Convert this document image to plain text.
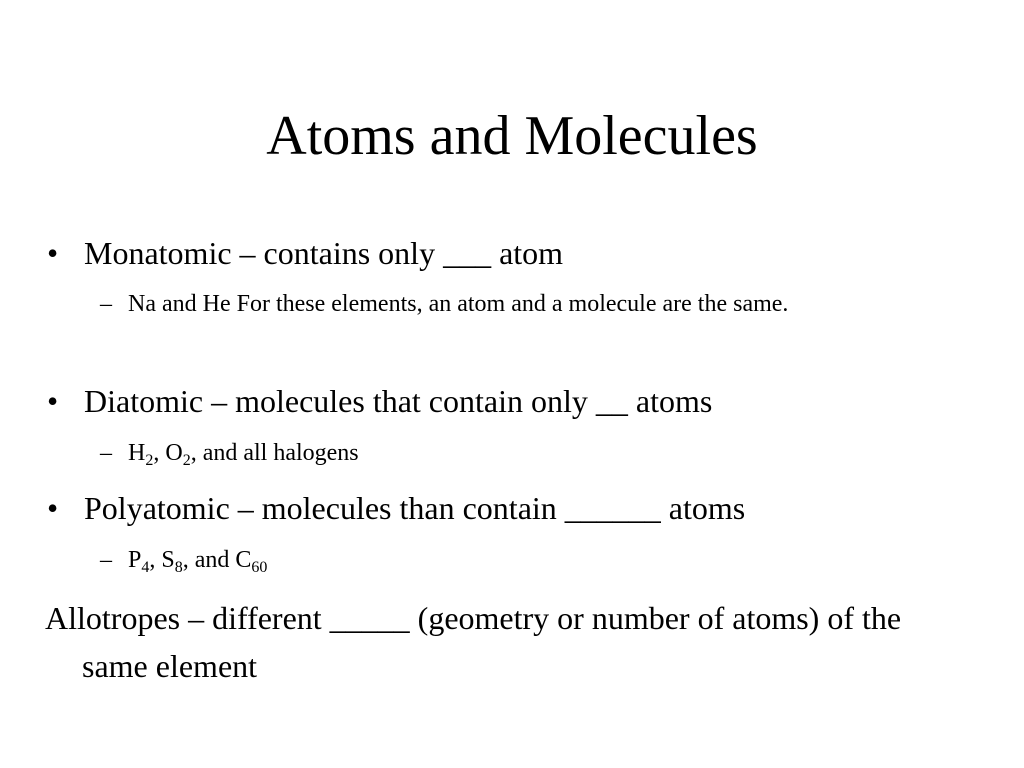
Atoms and Molecules
• Monatomic – contains only ___ atom
– Na and He For these elements, an atom and a molecule are the same.
• Diatomic – molecules that contain only __ atoms
– $H_2$, $O_2$, and all halogens
• Polyatomic – molecules than contain ______ atoms
– $P_4$, $S_8$, and $C_{60}$
Allotropes – different _____ (geometry or number of atoms) of the same element
